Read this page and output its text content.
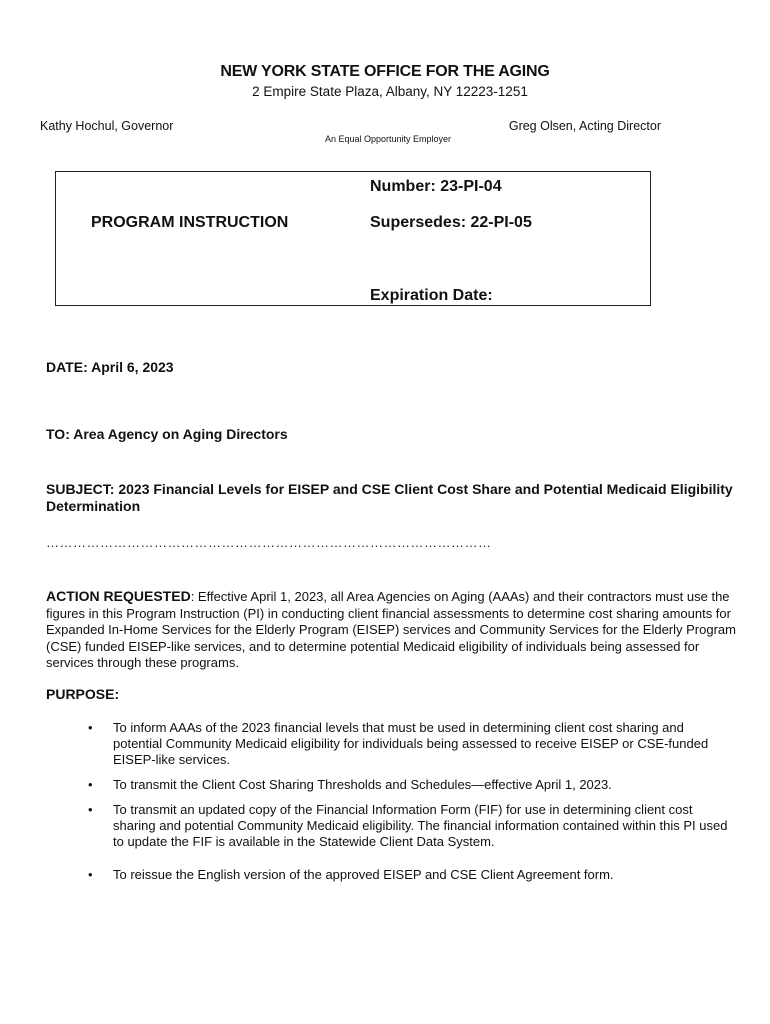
NEW YORK STATE OFFICE FOR THE AGING
2 Empire State Plaza, Albany, NY 12223-1251
Kathy Hochul, Governor	Greg Olsen, Acting Director
An Equal Opportunity Employer
PROGRAM INSTRUCTION
Number: 23-PI-04
Supersedes: 22-PI-05
Expiration Date:
DATE: April 6, 2023
TO: Area Agency on Aging Directors
SUBJECT: 2023 Financial Levels for EISEP and CSE Client Cost Share and Potential Medicaid Eligibility Determination
………………………………………………………………………………………
ACTION REQUESTED: Effective April 1, 2023, all Area Agencies on Aging (AAAs) and their contractors must use the figures in this Program Instruction (PI) in conducting client financial assessments to determine cost sharing amounts for Expanded In-Home Services for the Elderly Program (EISEP) services and Community Services for the Elderly Program (CSE) funded EISEP-like services, and to determine potential Medicaid eligibility of individuals being assessed for services through these programs.
PURPOSE:
• To inform AAAs of the 2023 financial levels that must be used in determining client cost sharing and potential Community Medicaid eligibility for individuals being assessed to receive EISEP or CSE-funded EISEP-like services.
• To transmit the Client Cost Sharing Thresholds and Schedules—effective April 1, 2023.
• To transmit an updated copy of the Financial Information Form (FIF) for use in determining client cost sharing and potential Community Medicaid eligibility. The financial information contained within this PI used to update the FIF is available in the Statewide Client Data System.
• To reissue the English version of the approved EISEP and CSE Client Agreement form.
